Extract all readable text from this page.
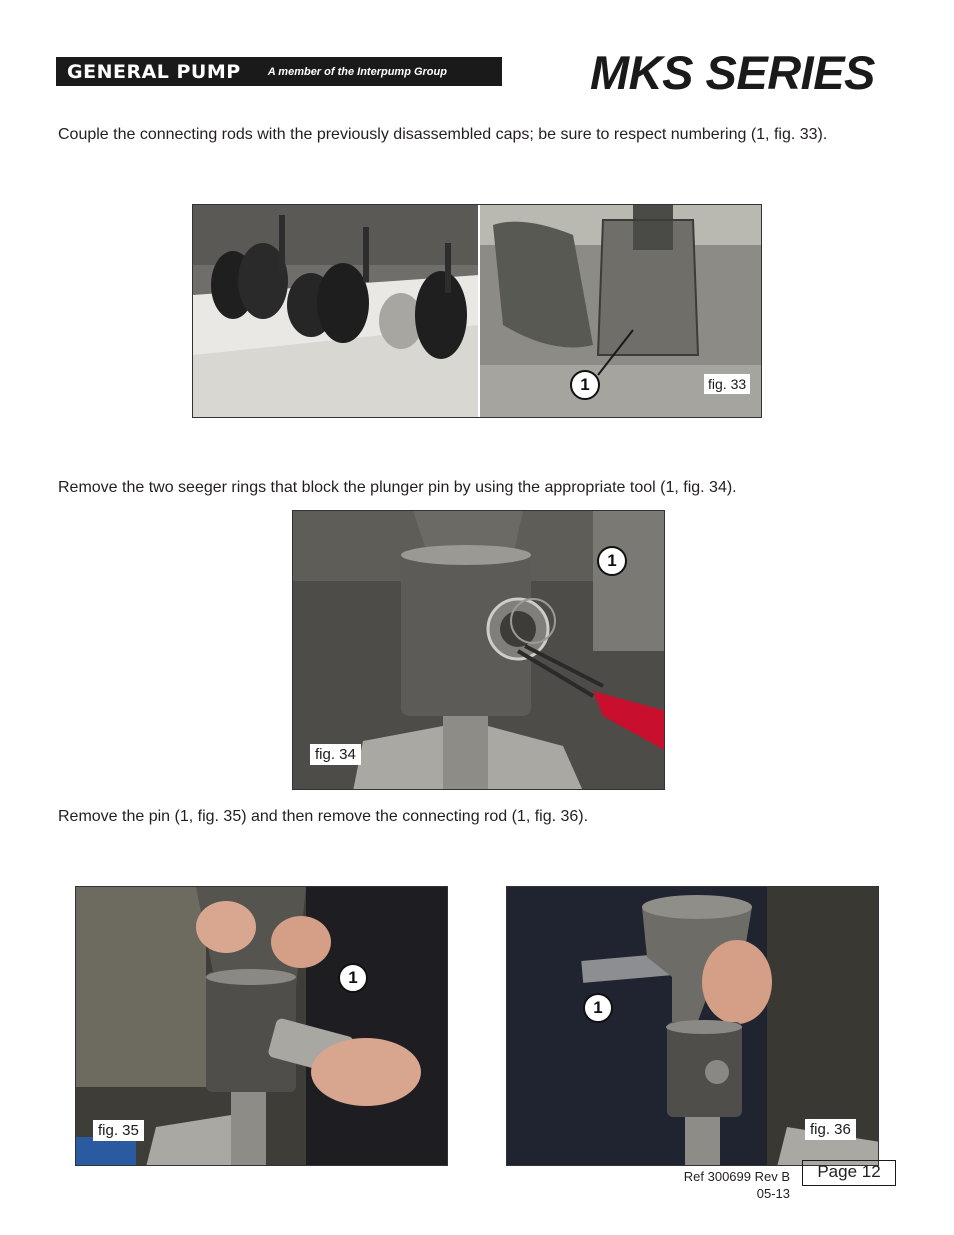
GENERAL PUMP A member of the Interpump Group	MKS SERIES
Couple the connecting rods with the previously disassembled caps; be sure to respect numbering (1, fig. 33).
1	fig. 33
Remove the two seeger rings that block the plunger pin by using the appropriate tool (1, fig. 34).
1
fig. 34
Remove the pin (1, fig. 35) and then remove the connecting rod (1, fig. 36).
1
fig. 35
1
fig. 36
Ref 300699 Rev B
05-13
Page 12
